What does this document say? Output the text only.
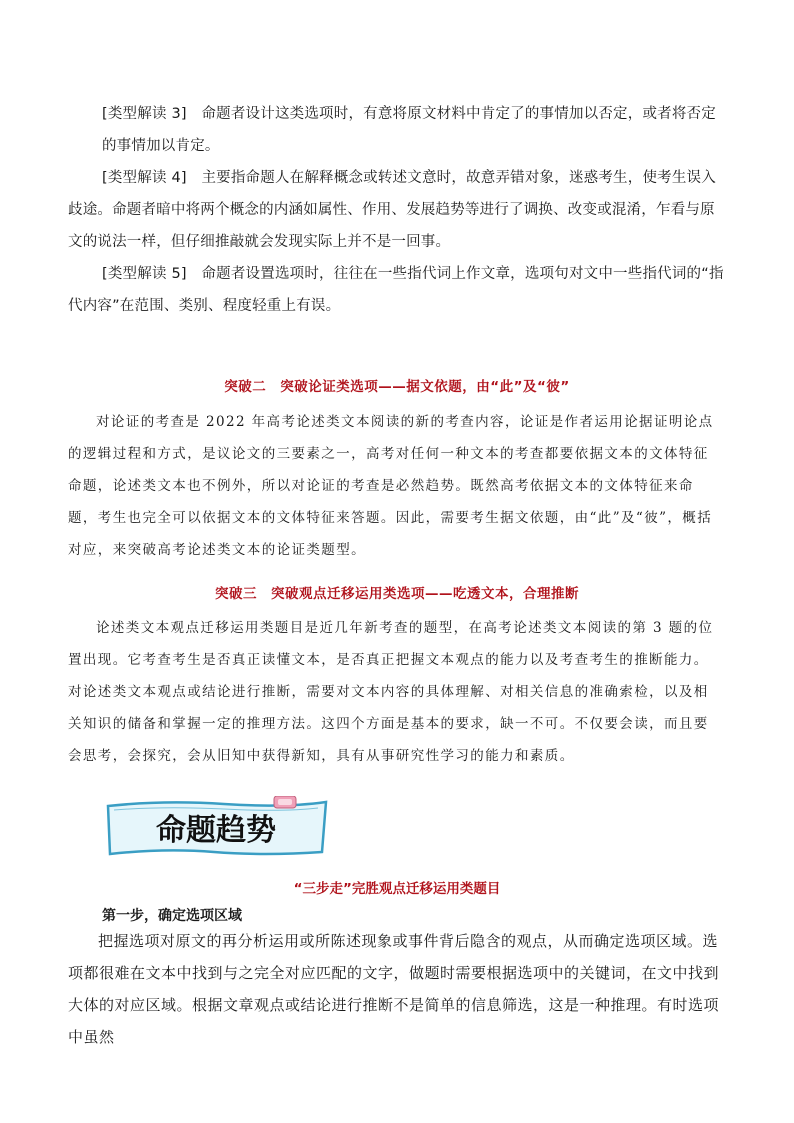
[类型解读 3]　命题者设计这类选项时，有意将原文材料中肯定了的事情加以否定，或者将否定的事情加以肯定。
[类型解读 4]　主要指命题人在解释概念或转述文意时，故意弄错对象，迷惑考生，使考生误入歧途。命题者暗中将两个概念的内涵如属性、作用、发展趋势等进行了调换、改变或混淆，乍看与原文的说法一样，但仔细推敲就会发现实际上并不是一回事。
[类型解读 5]　命题者设置选项时，往往在一些指代词上作文章，选项句对文中一些指代词的“指代内容”在范围、类别、程度轻重上有误。
突破二　突破论证类选项——据文依题，由“此”及“彼”
对论证的考查是 2022 年高考论述类文本阅读的新的考查内容，论证是作者运用论据证明论点的逻辑过程和方式，是议论文的三要素之一，高考对任何一种文本的考查都要依据文本的文体特征命题，论述类文本也不例外，所以对论证的考查是必然趋势。既然高考依据文本的文体特征来命题，考生也完全可以依据文本的文体特征来答题。因此，需要考生据文依题，由“此”及“彼”，概括对应，来突破高考论述类文本的论证类题型。
突破三　突破观点迁移运用类选项——吃透文本，合理推断
论述类文本观点迁移运用类题目是近几年新考查的题型，在高考论述类文本阅读的第 3 题的位置出现。它考查考生是否真正读懂文本，是否真正把握文本观点的能力以及考查考生的推断能力。对论述类文本观点或结论进行推断，需要对文本内容的具体理解、对相关信息的准确索检，以及相关知识的储备和掌握一定的推理方法。这四个方面是基本的要求，缺一不可。不仅要会读，而且要会思考，会探究，会从旧知中获得新知，具有从事研究性学习的能力和素质。
命题趋势
“三步走”完胜观点迁移运用类题目
第一步，确定选项区域
把握选项对原文的再分析运用或所陈述现象或事件背后隐含的观点，从而确定选项区域。选项都很难在文本中找到与之完全对应匹配的文字，做题时需要根据选项中的关键词，在文中找到大体的对应区域。根据文章观点或结论进行推断不是简单的信息筛选，这是一种推理。有时选项中虽然
